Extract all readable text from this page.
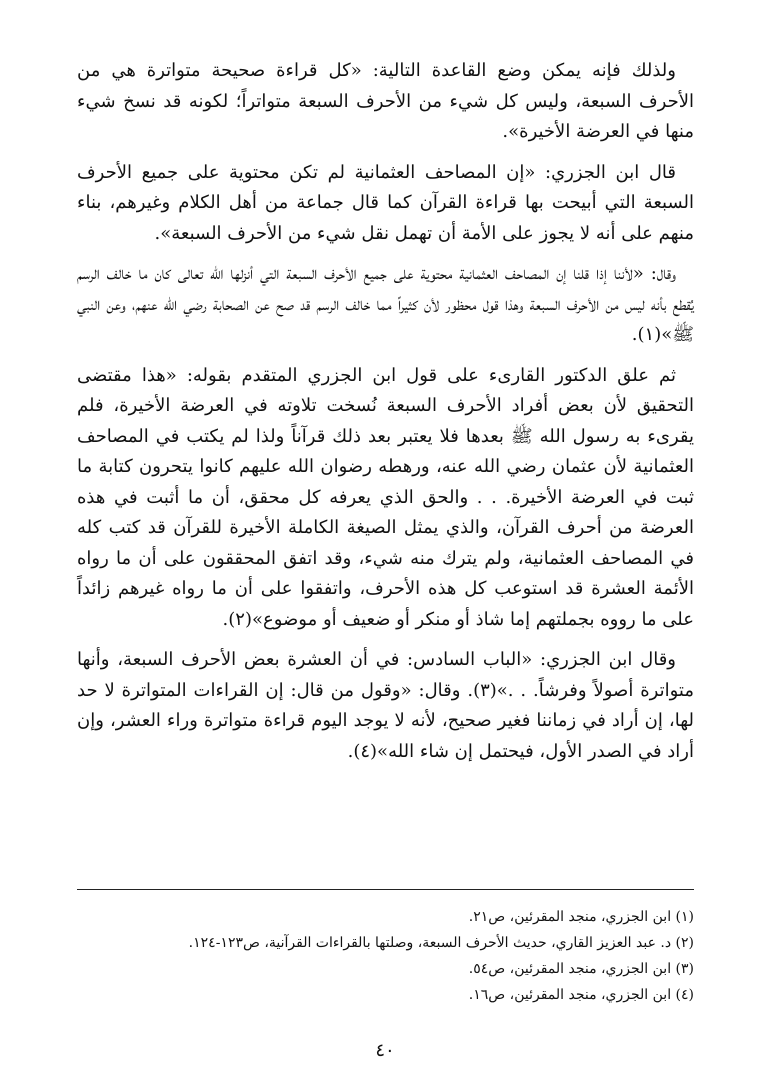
ولذلك فإنه يمكن وضع القاعدة التالية: «كل قراءة صحيحة متواترة هي من الأحرف السبعة، وليس كل شيء من الأحرف السبعة متواتراً؛ لكونه قد نسخ شيء منها في العرضة الأخيرة».

قال ابن الجزري: «إن المصاحف العثمانية لم تكن محتوية على جميع الأحرف السبعة التي أبيحت بها قراءة القرآن كما قال جماعة من أهل الكلام وغيرهم، بناء منهم على أنه لا يجوز على الأمة أن تهمل نقل شيء من الأحرف السبعة».

وقال: «لأننا إذا قلنا إن المصاحف العثمانية محتوية على جميع الأحرف السبعة التي أنزلها الله تعالى كان ما خالف الرسم يُقطع بأنه ليس من الأحرف السبعة وهذا قول محظور لأن كثيراً مما خالف الرسم قد صح عن الصحابة رضي الله عنهم، وعن النبي ﷺ»(١).

ثم علق الدكتور القارىء على قول ابن الجزري المتقدم بقوله: «هذا مقتضى التحقيق لأن بعض أفراد الأحرف السبعة نُسخت تلاوته في العرضة الأخيرة، فلم يقرىء به رسول الله ﷺ بعدها فلا يعتبر بعد ذلك قرآناً ولذا لم يكتب في المصاحف العثمانية لأن عثمان رضي الله عنه، ورهطه رضوان الله عليهم كانوا يتحرون كتابة ما ثبت في العرضة الأخيرة. . . والحق الذي يعرفه كل محقق، أن ما أثبت في هذه العرضة من أحرف القرآن، والذي يمثل الصيغة الكاملة الأخيرة للقرآن قد كتب كله في المصاحف العثمانية، ولم يترك منه شيء، وقد اتفق المحققون على أن ما رواه الأئمة العشرة قد استوعب كل هذه الأحرف، واتفقوا على أن ما رواه غيرهم زائداً على ما رووه بجملتهم إما شاذ أو منكر أو ضعيف أو موضوع»(٢).

وقال ابن الجزري: «الباب السادس: في أن العشرة بعض الأحرف السبعة، وأنها متواترة أصولاً وفرشاً. . .»(٣). وقال: «وقول من قال: إن القراءات المتواترة لا حد لها، إن أراد في زماننا فغير صحيح، لأنه لا يوجد اليوم قراءة متواترة وراء العشر، وإن أراد في الصدر الأول، فيحتمل إن شاء الله»(٤).

(١) ابن الجزري، منجد المقرئين، ص٢١.
(٢) د. عبد العزيز القاري، حديث الأحرف السبعة، وصلتها بالقراءات القرآنية، ص١٢٣-١٢٤.
(٣) ابن الجزري، منجد المقرئين، ص٥٤.
(٤) ابن الجزري، منجد المقرئين، ص١٦.
٤٠
